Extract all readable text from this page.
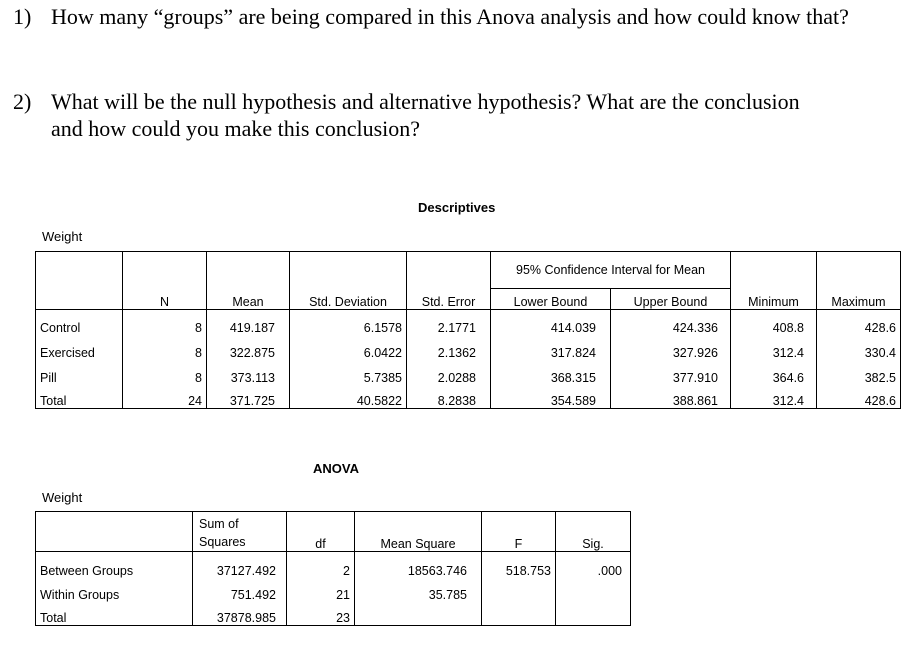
1) How many “groups” are being compared in this Anova analysis and how could know that?
2) What will be the null hypothesis and alternative hypothesis? What are the conclusion and how could you make this conclusion?
Descriptives
Weight
					95% Confidence Interval for Mean			
	N	Mean	Std. Deviation	Std. Error	Lower Bound	Upper Bound	Minimum	Maximum
Control	8	419.187	6.1578	2.1771	414.039	424.336	408.8	428.6
Exercised	8	322.875	6.0422	2.1362	317.824	327.926	312.4	330.4
Pill	8	373.113	5.7385	2.0288	368.315	377.910	364.6	382.5
Total	24	371.725	40.5822	8.2838	354.589	388.861	312.4	428.6
ANOVA
Weight
	Sum of Squares	df	Mean Square	F	Sig.
Between Groups	37127.492	2	18563.746	518.753	.000
Within Groups	751.492	21	35.785		
Total	37878.985	23			
